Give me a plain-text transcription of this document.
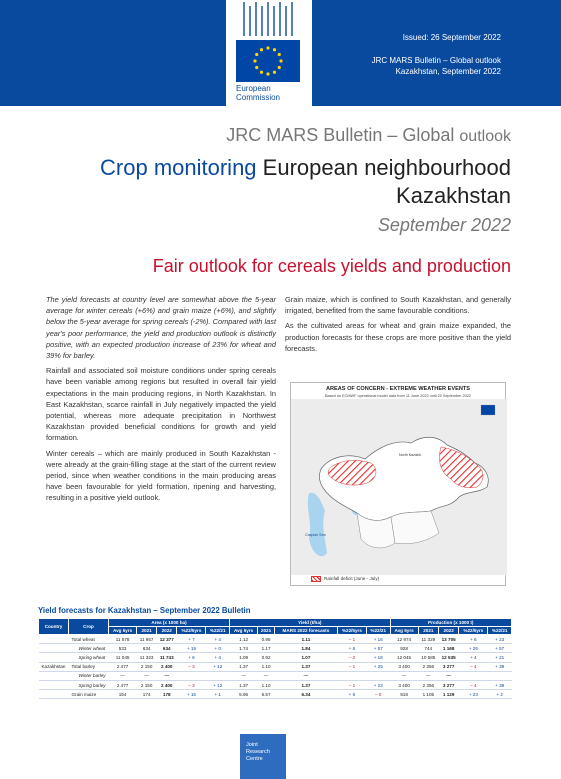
European
Commission
Issued: 26 September 2022
JRC MARS Bulletin – Global outlook
Kazakhstan, September 2022
JRC MARS Bulletin – Global outlook
Crop monitoring European neighbourhood
Kazakhstan
September 2022
Fair outlook for cereals yields and production

The yield forecasts at country level are somewhat above the 5-year average for winter cereals (+6%) and grain maize (+6%), and slightly below the 5-year average for spring cereals (-2%). Compared with last year's poor performance, the yield and production outlook is distinctly positive, with an expected production increase of 23% for wheat and 39% for barley.

Rainfall and associated soil moisture conditions under spring cereals have been variable among regions but resulted in overall fair yield expectations in the main producing regions, in North Kazakhstan. In East Kazakhstan, scarce rainfall in July negatively impacted the yield potential, whereas more adequate precipitation in Northwest Kazakhstan provided beneficial conditions for growth and yield formation.

Winter cereals – which are mainly produced in South Kazakhstan - were already at the grain-filling stage at the start of the current review period, since when weather conditions in the main producing areas have been favourable for yield formation, ripening and harvesting, resulting in a positive yield outlook.

Grain maize, which is confined to South Kazakhstan, and generally irrigated, benefited from the same favourable conditions.

As the cultivated areas for wheat and grain maize expanded, the production forecasts for these crops are more positive than the yield forecasts.

AREAS OF CONCERN - EXTREME WEATHER EVENTS
Based on ECMWF operational model data from 11 June 2022 until 20 September 2022
North Kazakh.
Caspian Sea
Rainfall deficit (June - July)
Yield forecasts for Kazakhstan – September 2022 Bulletin
Country	Crop	Area (x 1000 ha)					Yield (t/ha)					Production (x 1000 t)				
		Avg 5yrs	2021	2022	%22/5yrs	%22/21	Avg 5yrs	2021	MARS 2022 forecasts	%22/5yrs	%22/21	Avg 5yrs	2021	2022	%22/5yrs	%22/21
	Total wheat	11 578	11 957	12 377	+ 7	+ 4	1.12	0.95	1.11	– 1	+ 16	12 974	11 329	13 705	+ 6	+ 23
	Winter wheat	533	634	634	+ 19	+ 0	1.74	1.17	1.84	+ 6	+ 57	928	744	1 168	+ 26	+ 57
	Spring wheat	11 045	11 323	11 743	+ 6	+ 4	1.09	0.92	1.07	– 2	+ 16	12 045	10 585	12 535	+ 4	+ 21
Kazakhstan	Total barley	2 477	2 150	2 400	– 3	+ 12	1.37	1.10	1.37	– 1	+ 25	3 400	2 356	3 277	– 4	+ 39
	Winter barley	—	—	—			—	—	—			—	—	—		
	Spring barley	2 477	2 150	2 400	– 3	+ 12	1.37	1.10	1.37	– 1	+ 23	3 400	2 356	3 277	– 4	+ 39
	Grain maize	154	174	178	+ 16	+ 1	5.96	6.57	6.34	+ 6	– 0	918	1 105	1 129	+ 23	+ 2
Joint
Research
Centre
